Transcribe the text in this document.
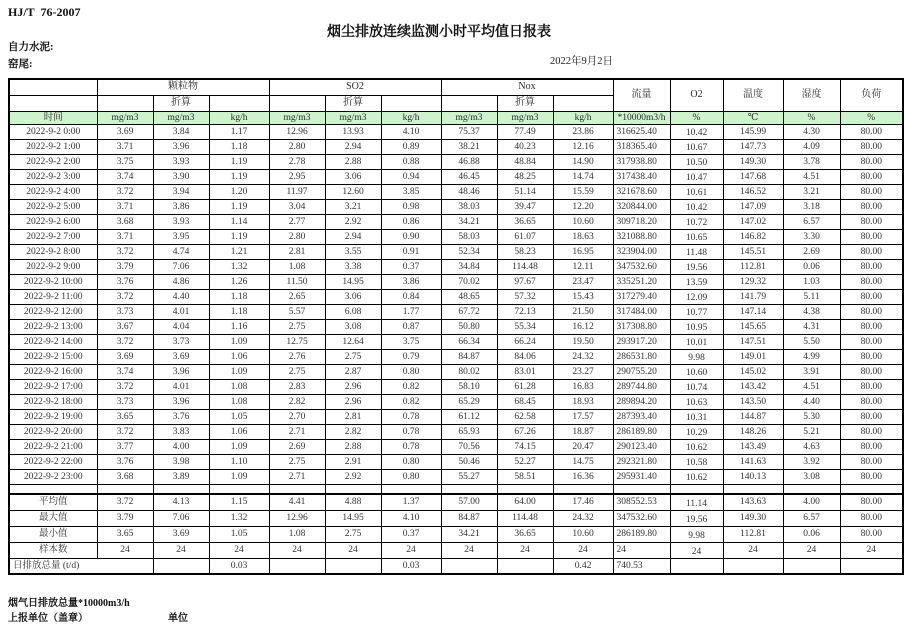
HJ/T  76-2007
烟尘排放连续监测小时平均值日报表
自力水泥:
窑尾:	2022年9月2日
	颗粒物			SO2			Nox			流量	O2	温度	湿度	负荷
		折算			折算			折算						
时间	mg/m3	mg/m3	kg/h	mg/m3	mg/m3	kg/h	mg/m3	mg/m3	kg/h	*10000m3/h	%	℃	%	%
2022-9-2 0:00	3.69	3.84	1.17	12.96	13.93	4.10	75.37	77.49	23.86	316625.40	10.42	145.99	4.30	80.00
2022-9-2 1:00	3.71	3.96	1.18	2.80	2.94	0.89	38.21	40.23	12.16	318365.40	10.67	147.73	4.09	80.00
2022-9-2 2:00	3.75	3.93	1.19	2.78	2.88	0.88	46.88	48.84	14.90	317938.80	10.50	149.30	3.78	80.00
2022-9-2 3:00	3.74	3.90	1.19	2.95	3.06	0.94	46.45	48.25	14.74	317438.40	10.47	147.68	4.51	80.00
2022-9-2 4:00	3.72	3.94	1.20	11.97	12.60	3.85	48.46	51.14	15.59	321678.60	10.61	146.52	3.21	80.00
2022-9-2 5:00	3.71	3.86	1.19	3.04	3.21	0.98	38.03	39.47	12.20	320844.00	10.42	147.09	3.18	80.00
2022-9-2 6:00	3.68	3.93	1.14	2.77	2.92	0.86	34.21	36.65	10.60	309718.20	10.72	147.02	6.57	80.00
2022-9-2 7:00	3.71	3.95	1.19	2.80	2.94	0.90	58.03	61.07	18.63	321088.80	10.65	146.82	3.30	80.00
2022-9-2 8:00	3.72	4.74	1.21	2.81	3.55	0.91	52.34	58.23	16.95	323904.00	11.48	145.51	2.69	80.00
2022-9-2 9:00	3.79	7.06	1.32	1.08	3.38	0.37	34.84	114.48	12.11	347532.60	19.56	112.81	0.06	80.00
2022-9-2 10:00	3.76	4.86	1.26	11.50	14.95	3.86	70.02	97.67	23.47	335251.20	13.59	129.32	1.03	80.00
2022-9-2 11:00	3.72	4.40	1.18	2.65	3.06	0.84	48.65	57.32	15.43	317279.40	12.09	141.79	5.11	80.00
2022-9-2 12:00	3.73	4.01	1.18	5.57	6.08	1.77	67.72	72.13	21.50	317484.00	10.77	147.14	4.38	80.00
2022-9-2 13:00	3.67	4.04	1.16	2.75	3.08	0.87	50.80	55.34	16.12	317308.80	10.95	145.65	4.31	80.00
2022-9-2 14:00	3.72	3.73	1.09	12.75	12.64	3.75	66.34	66.24	19.50	293917.20	10.01	147.51	5.50	80.00
2022-9-2 15:00	3.69	3.69	1.06	2.76	2.75	0.79	84.87	84.06	24.32	286531.80	9.98	149.01	4.99	80.00
2022-9-2 16:00	3.74	3.96	1.09	2.75	2.87	0.80	80.02	83.01	23.27	290755.20	10.60	145.02	3.91	80.00
2022-9-2 17:00	3.72	4.01	1.08	2.83	2.96	0.82	58.10	61.28	16.83	289744.80	10.74	143.42	4.51	80.00
2022-9-2 18:00	3.73	3.96	1.08	2.82	2.96	0.82	65.29	68.45	18.93	289894.20	10.63	143.50	4.40	80.00
2022-9-2 19:00	3.65	3.76	1.05	2.70	2.81	0.78	61.12	62.58	17.57	287393.40	10.31	144.87	5.30	80.00
2022-9-2 20:00	3.72	3.83	1.06	2.71	2.82	0.78	65.93	67.26	18.87	286189.80	10.29	148.26	5.21	80.00
2022-9-2 21:00	3.77	4.00	1.09	2.69	2.88	0.78	70.56	74.15	20.47	290123.40	10.62	143.49	4.63	80.00
2022-9-2 22:00	3.76	3.98	1.10	2.75	2.91	0.80	50.46	52.27	14.75	292321.80	10.58	141.63	3.92	80.00
2022-9-2 23:00	3.68	3.89	1.09	2.71	2.92	0.80	55.27	58.51	16.36	295931.40	10.62	140.13	3.08	80.00

平均值	3.72	4.13	1.15	4.41	4.88	1.37	57.00	64.00	17.46	308552.53	11.14	143.63	4.00	80.00
最大值	3.79	7.06	1.32	12.96	14.95	4.10	84.87	114.48	24.32	347532.60	19.56	149.30	6.57	80.00
最小值	3.65	3.69	1.05	1.08	2.75	0.37	34.21	36.65	10.60	286189.80	9.98	112.81	0.06	80.00
样本数	24	24	24	24	24	24	24	24	24	24	24	24	24	24
日排放总量 (t/d)			0.03			0.03			0.42	740.53				
烟气日排放总量*10000m3/h
上报单位（盖章）	单位
